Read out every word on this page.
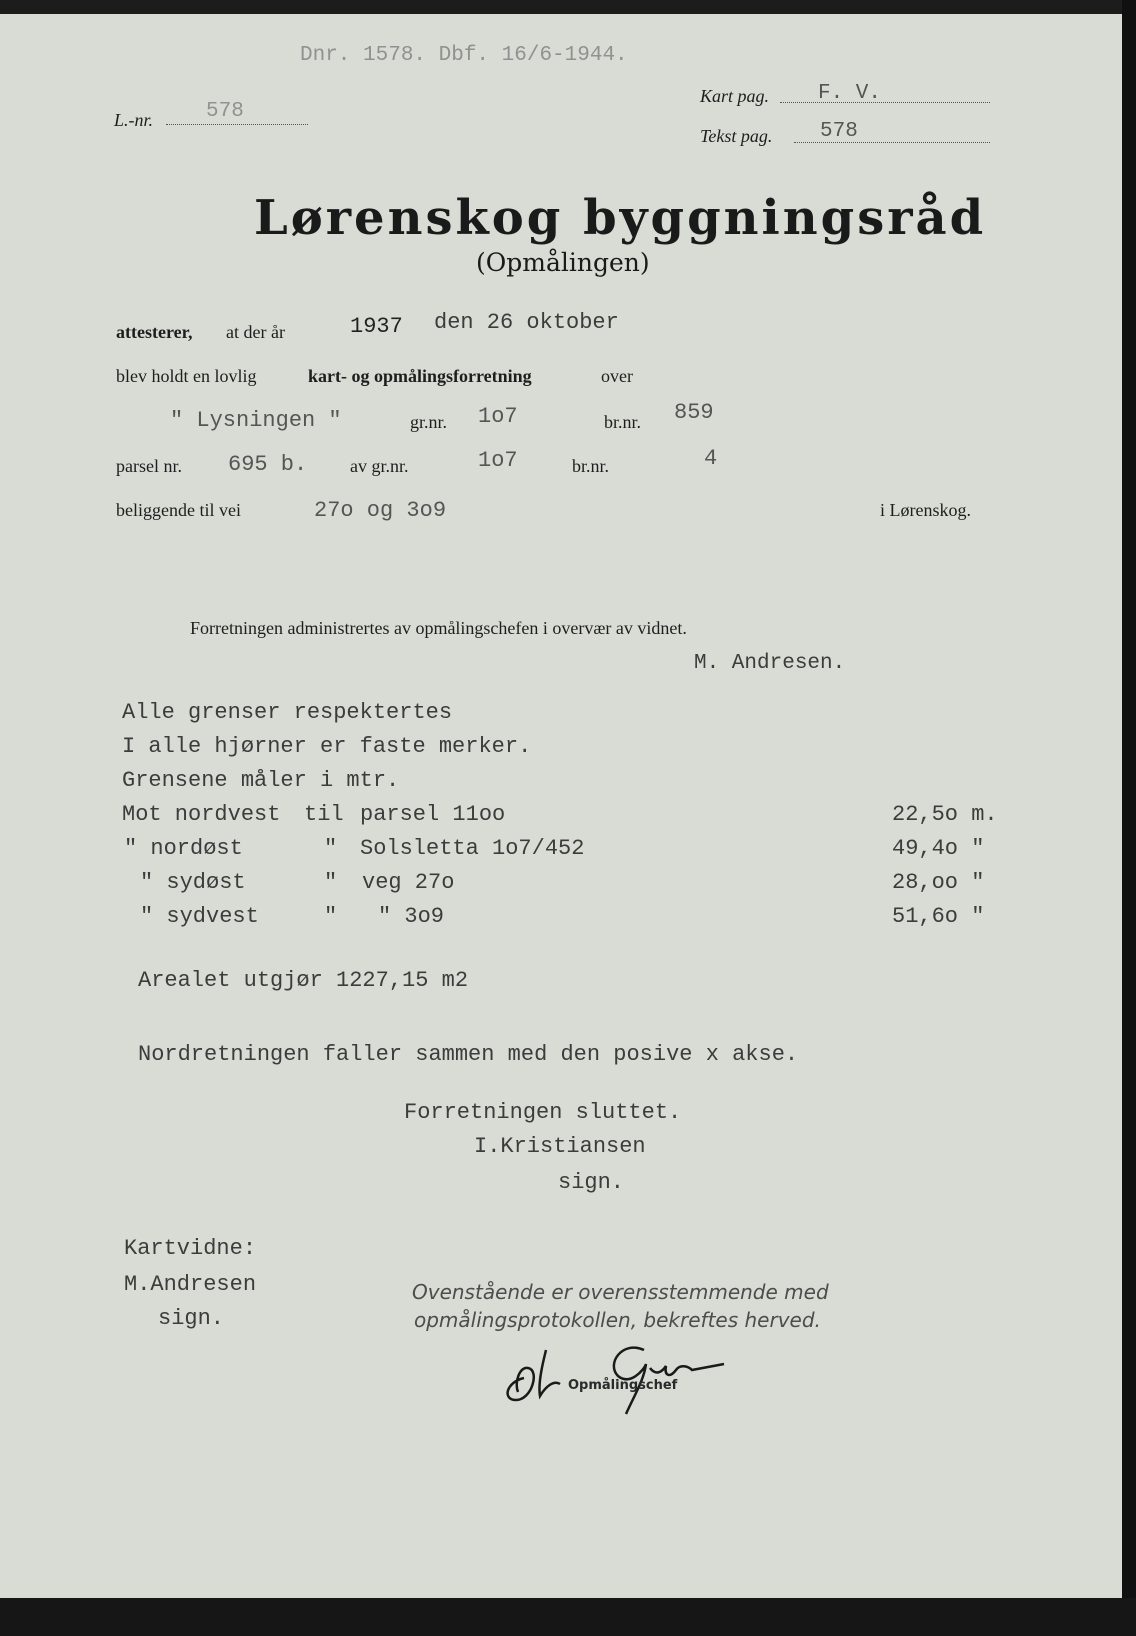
Dnr. 1578. Dbf. 16/6-1944.
L.-nr.	578
Kart pag. F. V.
Tekst pag. 578
Lørenskog byggningsråd
(Opmålingen)
attesterer, at der år	1937 den 26 oktober
blev holdt en lovlig	kart- og opmålingsforretning	over
" Lysningen "	gr.nr. 1o7	br.nr. 859
parsel nr. 695 b. av gr.nr.	1o7	br.nr.	4
beliggende til vei	27o og 3o9	i Lørenskog.
Forretningen administrertes av opmålingschefen i overvær av vidnet.
M. Andresen.
Alle grenser respektertes
I alle hjørner er faste merker.
Grensene måler i mtr.
Mot nordvest til parsel 11oo	22,5o m.
" nordøst	" Solsletta 1o7/452	49,4o "
" sydøst	" veg 27o	28,oo "
" sydvest	" " 3o9	51,6o "
Arealet utgjør 1227,15 m2
Nordretningen faller sammen med den posive x akse.
Forretningen sluttet.
I.Kristiansen
sign.
Kartvidne:
M.Andresen
sign.
Ovenstående er overensstemmende med
opmålingsprotokollen, bekreftes herved.
Opmålingschef
